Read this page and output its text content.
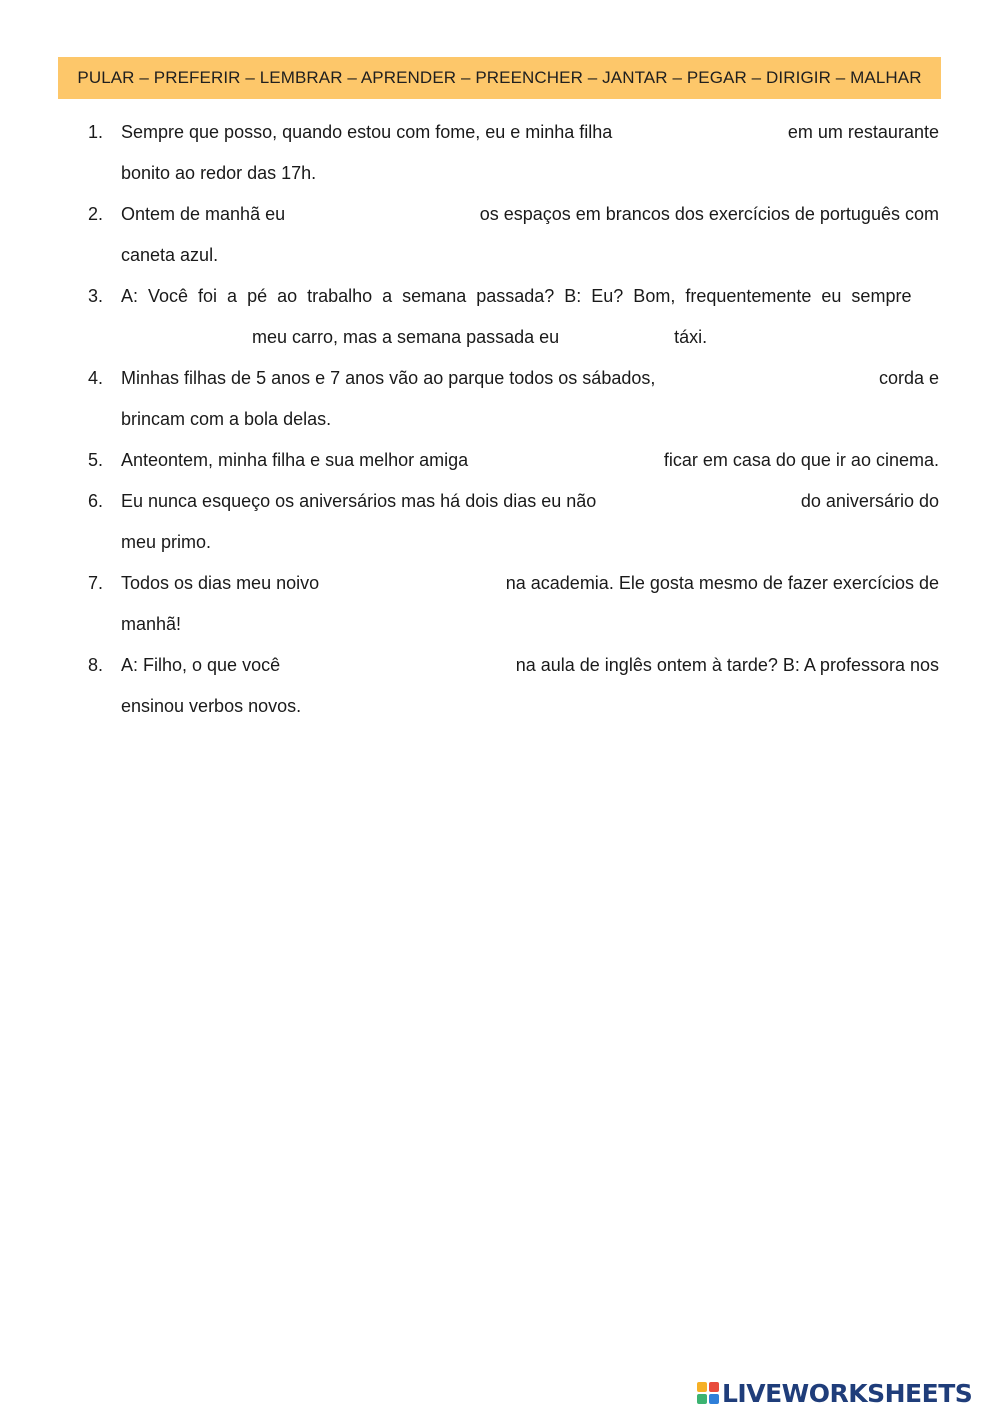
PULAR – PREFERIR – LEMBRAR – APRENDER – PREENCHER – JANTAR – PEGAR – DIRIGIR – MALHAR
1. Sempre que posso, quando estou com fome, eu e minha filha	em um restaurante
bonito ao redor das 17h.
2. Ontem de manhã eu	os espaços em brancos dos exercícios de português com
caneta azul.
3. A: Você foi a pé ao trabalho a semana passada? B: Eu? Bom, frequentemente eu sempre
meu carro, mas a semana passada eu	táxi.
4. Minhas filhas de 5 anos e 7 anos vão ao parque todos os sábados,	corda e
brincam com a bola delas.
5. Anteontem, minha filha e sua melhor amiga	ficar em casa do que ir ao cinema.
6. Eu nunca esqueço os aniversários mas há dois dias eu não	do aniversário do
meu primo.
7. Todos os dias meu noivo	na academia. Ele gosta mesmo de fazer exercícios de
manhã!
8. A: Filho, o que você	na aula de inglês ontem à tarde? B: A professora nos
ensinou verbos novos.
LIVEWORKSHEETS
